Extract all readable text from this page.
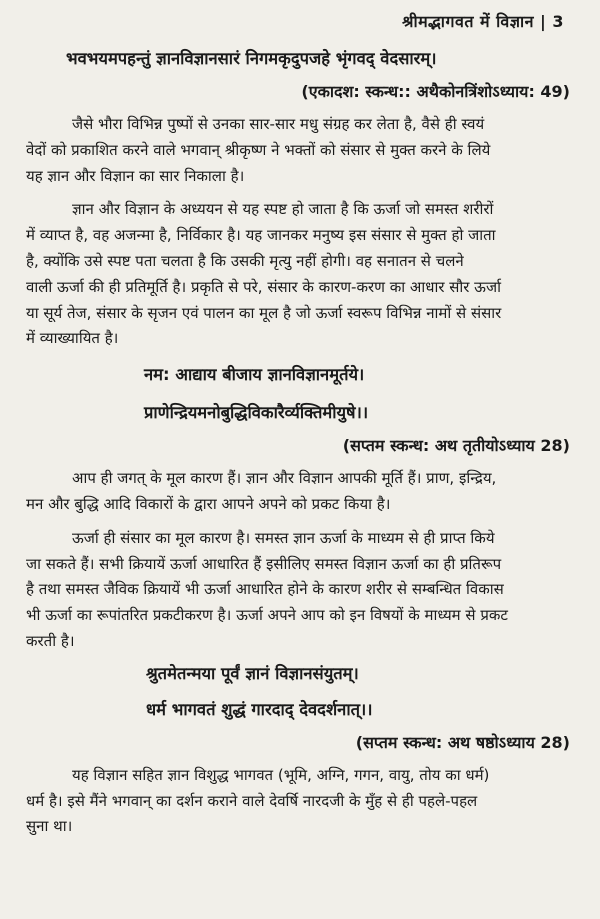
श्रीमद्भागवत में विज्ञान | 3
भवभयमपहन्तुं ज्ञानविज्ञानसारं निगमकृदुपजहे भृंगवद् वेदसारम्।
(एकादश: स्कन्ध:: अथैकोनत्रिंशोऽध्याय: 49)
जैसे भौरा विभिन्न पुष्पों से उनका सार-सार मधु संग्रह कर लेता है, वैसे ही स्वयं
वेदों को प्रकाशित करने वाले भगवान् श्रीकृष्ण ने भक्तों को संसार से मुक्त करने के लिये
यह ज्ञान और विज्ञान का सार निकाला है।
ज्ञान और विज्ञान के अध्ययन से यह स्पष्ट हो जाता है कि ऊर्जा जो समस्त शरीरों
में व्याप्त है, वह अजन्मा है, निर्विकार है। यह जानकर मनुष्य इस संसार से मुक्त हो जाता
है, क्योंकि उसे स्पष्ट पता चलता है कि उसकी मृत्यु नहीं होगी। वह सनातन से चलने
वाली ऊर्जा की ही प्रतिमूर्ति है। प्रकृति से परे, संसार के कारण-करण का आधार सौर ऊर्जा
या सूर्य तेज, संसार के सृजन एवं पालन का मूल है जो ऊर्जा स्वरूप विभिन्न नामों से संसार
में व्याख्यायित है।
नम: आद्याय बीजाय ज्ञानविज्ञानमूर्तये।
प्राणेन्द्रियमनोबुद्धिविकारैर्व्यक्तिमीयुषे।।
(सप्तम स्कन्ध: अथ तृतीयोऽध्याय 28)
आप ही जगत् के मूल कारण हैं। ज्ञान और विज्ञान आपकी मूर्ति हैं। प्राण, इन्द्रिय,
मन और बुद्धि आदि विकारों के द्वारा आपने अपने को प्रकट किया है।
ऊर्जा ही संसार का मूल कारण है। समस्त ज्ञान ऊर्जा के माध्यम से ही प्राप्त किये
जा सकते हैं। सभी क्रियायें ऊर्जा आधारित हैं इसीलिए समस्त विज्ञान ऊर्जा का ही प्रतिरूप
है तथा समस्त जैविक क्रियायें भी ऊर्जा आधारित होने के कारण शरीर से सम्बन्धित विकास
भी ऊर्जा का रूपांतरित प्रकटीकरण है। ऊर्जा अपने आप को इन विषयों के माध्यम से प्रकट
करती है।
श्रुतमेतन्मया पूर्वं ज्ञानं विज्ञानसंयुतम्।
धर्म भागवतं शुद्धं गारदाद् देवदर्शनात्।।
(सप्तम स्कन्ध: अथ षष्ठोऽध्याय 28)
यह विज्ञान सहित ज्ञान विशुद्ध भागवत (भूमि, अग्नि, गगन, वायु, तोय का धर्म)
धर्म है। इसे मैंने भगवान् का दर्शन कराने वाले देवर्षि नारदजी के मुँह से ही पहले-पहल
सुना था।
